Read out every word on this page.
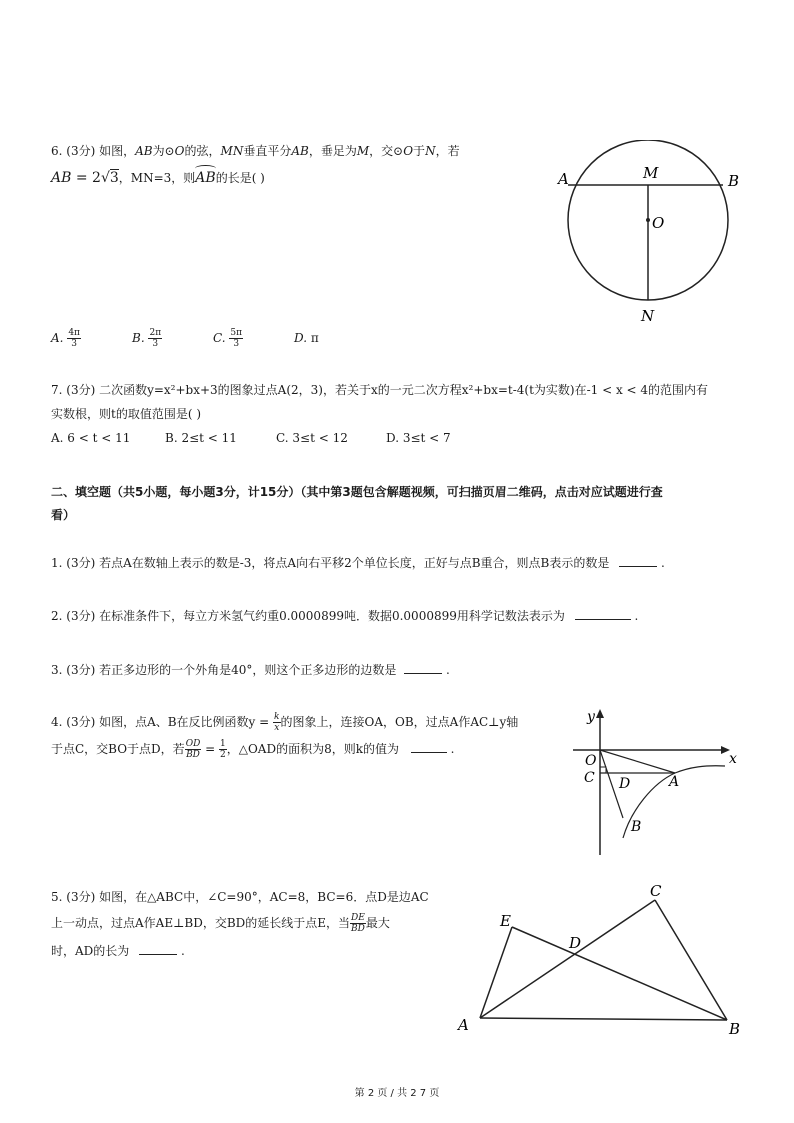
6. (3分) 如图，AB为⊙O的弦，MN垂直平分AB，垂足为M，交⊙O于N，若
AB = 2√3，MN=3，则
AB的长是( )	A	M	B
O
N
A. $\frac{4\pi}{3}$	B. $\frac{2\pi}{3}$	C. $\frac{5\pi}{3}$	D. π
7. (3分) 二次函数y=x²+bx+3的图象过点A(2，3)，若关于x的一元二次方程x²+bx=t-4(t为实数)在-1 < x < 4的范围内有
实数根，则t的取值范围是( )
A. 6 < t < 11	B. 2≤t < 11	C. 3≤t < 12	D. 3≤t < 7
二、填空题（共5小题，每小题3分，计15分）（其中第3题包含解题视频，可扫描页眉二维码，点击对应试题进行查
看）
1. (3分) 若点A在数轴上表示的数是-3，将点A向右平移2个单位长度，正好与点B重合，则点B表示的数是	.
2. (3分) 在标准条件下，每立方米氢气约重0.0000899吨．数据0.0000899用科学记数法表示为	.
3. (3分) 若正多边形的一个外角是40°，则这个正多边形的边数是	.
4. (3分) 如图，点A、B在反比例函数$y = \frac{k}{x}$ 的图象上，连接OA，OB，过点A作AC⊥y轴
于点C，交BO于点D，若 $\frac{OD}{BD} = \frac{1}{2}$ ，△OAD的面积为8，则k的值为	.
y
x
O
C D	A
B
5. (3分) 如图，在△ABC中，∠C=90°，AC=8，BC=6．点D是边AC
上一动点，过点A作AE⊥BD，交BD的延长线于点E，当 $\frac{DE}{BD}$ 最大
时，AD的长为	.
E
C
D
A	B
第 2 页 / 共 2 7 页
